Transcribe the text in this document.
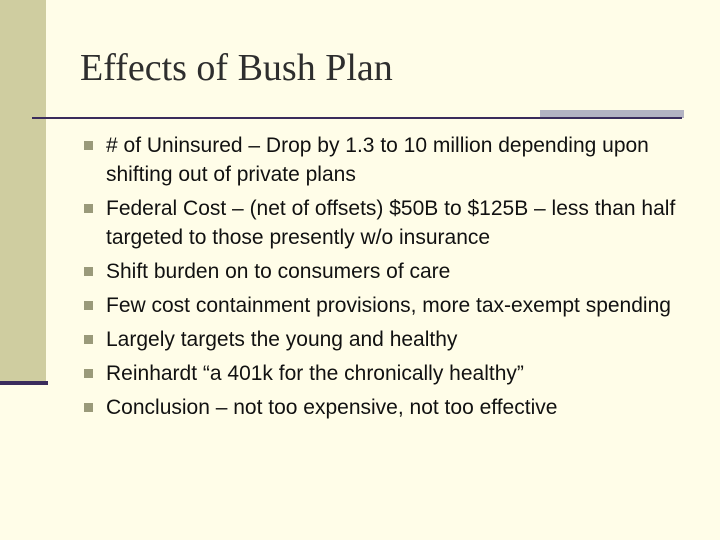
Effects of Bush Plan
# of Uninsured – Drop by 1.3 to 10 million depending upon shifting out of private plans
Federal Cost – (net of offsets) $50B to $125B – less than half targeted to those presently w/o insurance
Shift burden on to consumers of care
Few cost containment provisions, more tax-exempt spending
Largely targets the young and healthy
Reinhardt “a 401k for the chronically healthy”
Conclusion – not too expensive, not too effective
